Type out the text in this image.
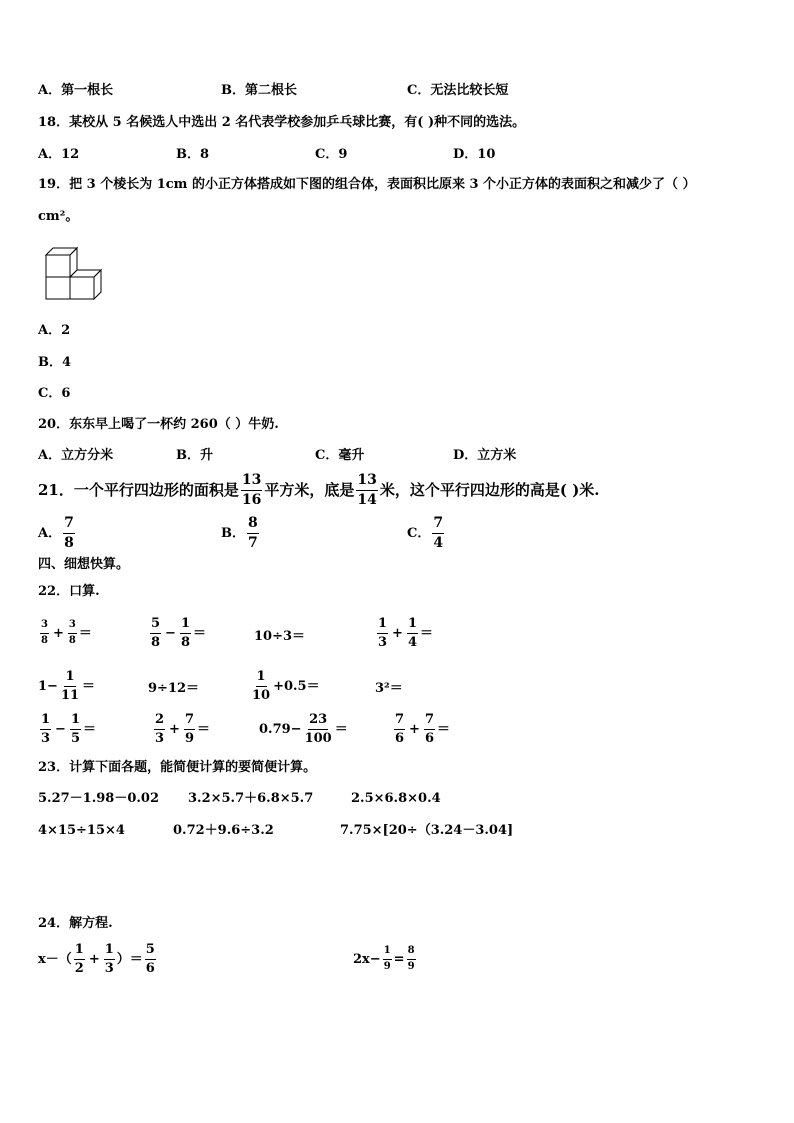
A．第一根长	B．第二根长	C．无法比较长短
18．某校从 5 名候选人中选出 2 名代表学校参加乒乓球比赛，有( )种不同的选法。
A．12	B．8	C．9	D．10
19．把 3 个棱长为 1cm 的小正方体搭成如下图的组合体，表面积比原来 3 个小正方体的表面积之和减少了（ ）
cm²。
A．2
B．4
C．6
20．东东早上喝了一杯约 260（ ）牛奶.
A．立方分米	B．升	C．毫升	D．立方米
21．一个平行四边形的面积是 $\frac{13}{16}$ 平方米，底是 $\frac{13}{14}$ 米，这个平行四边形的高是( )米.
A． $\frac{7}{8}$	B． $\frac{8}{7}$	C． $\frac{7}{4}$
四、细想快算。
22．口算.
$\frac{3}{8} + \frac{3}{8}$ ＝	$\frac{5}{8} - \frac{1}{8}$ ＝	10÷3＝	$\frac{1}{3} + \frac{1}{4}$ ＝
$1- \frac{1}{11}$ ＝	9÷12＝	$\frac{1}{10} +0.5=$	3²＝
$\frac{1}{3} - \frac{1}{5}$ ＝	$\frac{2}{3} + \frac{7}{9}$ ＝	$0.79- \frac{23}{100}$ ＝	$\frac{7}{6} + \frac{7}{6}$ ＝
23．计算下面各题，能简便计算的要简便计算。
5.27－1.98－0.02 3.2×5.7＋6.8×5.7	2.5×6.8×0.4
4×15÷15×4	0.72＋9.6÷3.2	7.75×[20÷（3.24－3.04]
24．解方程.
$x-( \frac{1}{2} + \frac{1}{3}$ ）＝ $\frac{5}{6}$	$2x- \frac{1}{9} = \frac{8}{9}$
